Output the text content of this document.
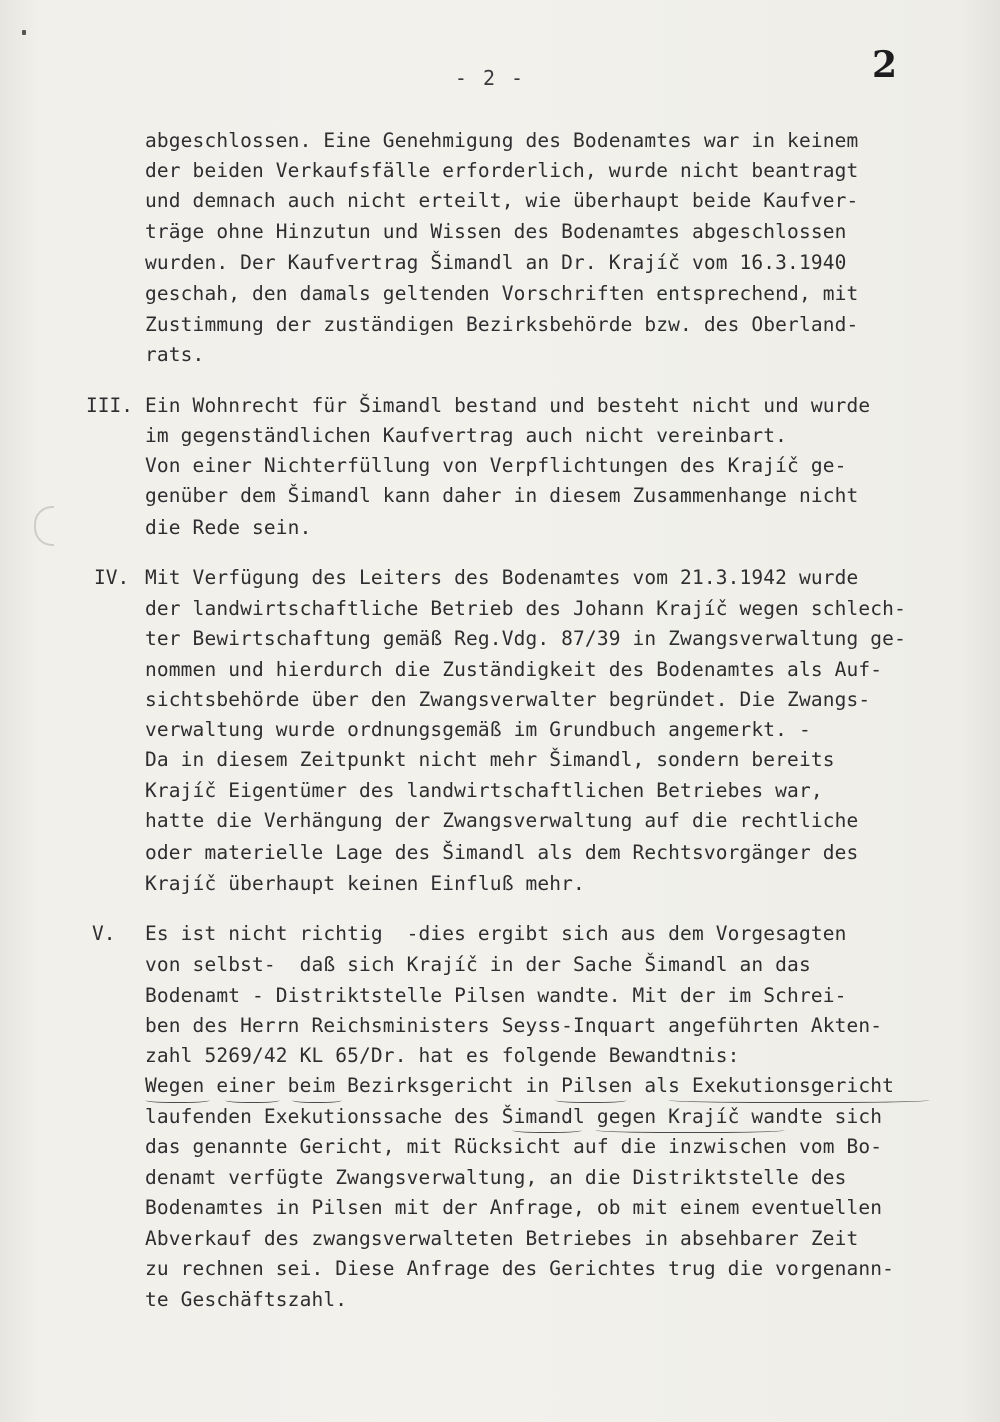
- 2 -	2
abgeschlossen. Eine Genehmigung des Bodenamtes war in keinem
der beiden Verkaufsfälle erforderlich, wurde nicht beantragt
und demnach auch nicht erteilt, wie überhaupt beide Kaufver-
träge ohne Hinzutun und Wissen des Bodenamtes abgeschlossen
wurden. Der Kaufvertrag Šimandl an Dr. Krajíč vom 16.3.1940
geschah, den damals geltenden Vorschriften entsprechend, mit
Zustimmung der zuständigen Bezirksbehörde bzw. des Oberland-
rats.
III. Ein Wohnrecht für Šimandl bestand und besteht nicht und wurde
im gegenständlichen Kaufvertrag auch nicht vereinbart.
Von einer Nichterfüllung von Verpflichtungen des Krajíč ge-
genüber dem Šimandl kann daher in diesem Zusammenhange nicht
die Rede sein.
IV. Mit Verfügung des Leiters des Bodenamtes vom 21.3.1942 wurde
der landwirtschaftliche Betrieb des Johann Krajíč wegen schlech-
ter Bewirtschaftung gemäß Reg.Vdg. 87/39 in Zwangsverwaltung ge-
nommen und hierdurch die Zuständigkeit des Bodenamtes als Auf-
sichtsbehörde über den Zwangsverwalter begründet. Die Zwangs-
verwaltung wurde ordnungsgemäß im Grundbuch angemerkt. -
Da in diesem Zeitpunkt nicht mehr Šimandl, sondern bereits
Krajíč Eigentümer des landwirtschaftlichen Betriebes war,
hatte die Verhängung der Zwangsverwaltung auf die rechtliche
oder materielle Lage des Šimandl als dem Rechtsvorgänger des
Krajíč überhaupt keinen Einfluß mehr.
V. Es ist nicht richtig  -dies ergibt sich aus dem Vorgesagten
von selbst-  daß sich Krajíč in der Sache Šimandl an das
Bodenamt - Distriktstelle Pilsen wandte. Mit der im Schrei-
ben des Herrn Reichsministers Seyss-Inquart angeführten Akten-
zahl 5269/42 KL 65/Dr. hat es folgende Bewandtnis:
Wegen einer beim Bezirksgericht in Pilsen als Exekutionsgericht
laufenden Exekutionssache des Šimandl gegen Krajíč wandte sich
das genannte Gericht, mit Rücksicht auf die inzwischen vom Bo-
denamt verfügte Zwangsverwaltung, an die Distriktstelle des
Bodenamtes in Pilsen mit der Anfrage, ob mit einem eventuellen
Abverkauf des zwangsverwalteten Betriebes in absehbarer Zeit
zu rechnen sei. Diese Anfrage des Gerichtes trug die vorgenann-
te Geschäftszahl.
